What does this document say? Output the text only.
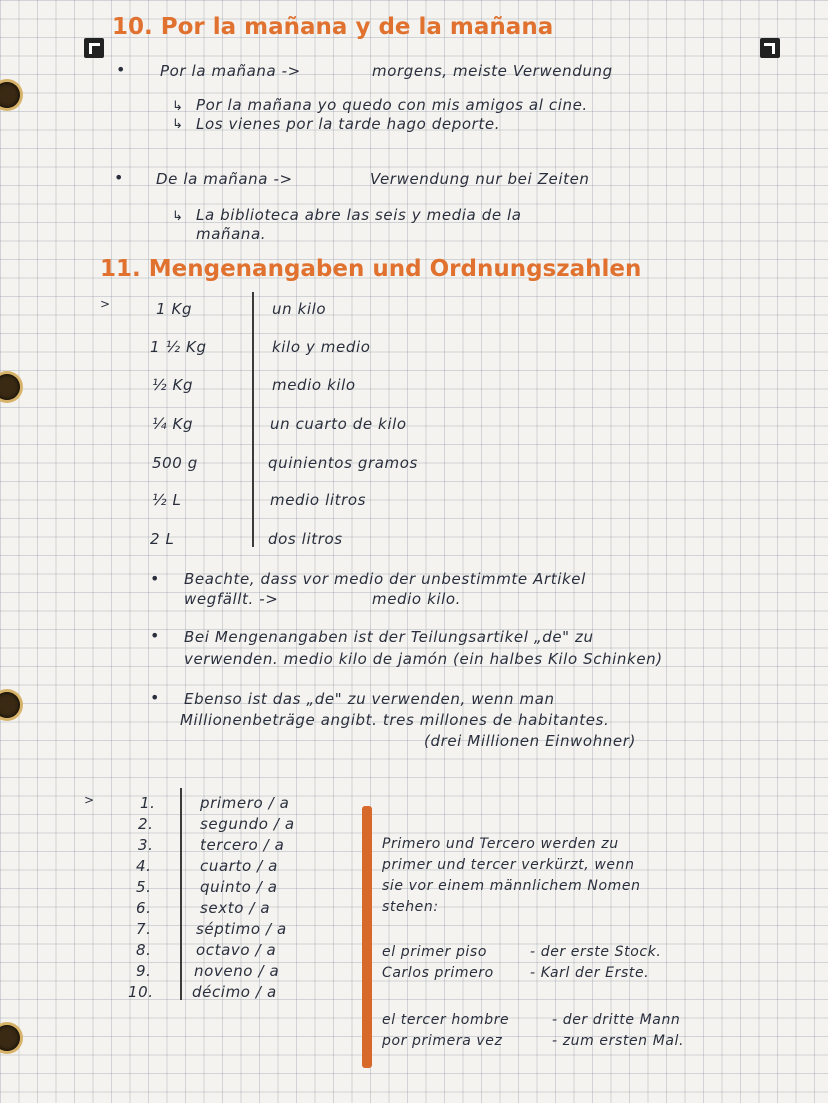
10. Por la mañana y de la mañana
• Por la mañana ->	morgens, meiste Verwendung
↳ Por la mañana yo quedo con mis amigos al cine.
↳ Los vienes por la tarde hago deporte.
• De la mañana ->	Verwendung nur bei Zeiten
↳ La biblioteca abre las seis y media de la
mañana.
11. Mengenangaben und Ordnungszahlen
>	1 Kg	un kilo
1 ½ Kg	kilo y medio
½ Kg	medio kilo
¼ Kg	un cuarto de kilo
500 g	quinientos gramos
½ L	medio litros
2 L	dos litros
• Beachte, dass vor medio der unbestimmte Artikel
wegfällt. ->	medio kilo.
• Bei Mengenangaben ist der Teilungsartikel „de" zu
verwenden. medio kilo de jamón (ein halbes Kilo Schinken)
• Ebenso ist das „de" zu verwenden, wenn man
Millionenbeträge angibt. tres millones de habitantes.
(drei Millionen Einwohner)
>	1.	primero / a
2.	segundo / a
3.	tercero / a
4.	cuarto / a
5.	quinto / a
6.	sexto / a
7.	séptimo / a
8.	octavo / a
9.	noveno / a
10.	décimo / a
Primero und Tercero werden zu
primer und tercer verkürzt, wenn
sie vor einem männlichem Nomen
stehen:
el primer piso	- der erste Stock.
Carlos primero	- Karl der Erste.
el tercer hombre	- der dritte Mann
por primera vez	- zum ersten Mal.
